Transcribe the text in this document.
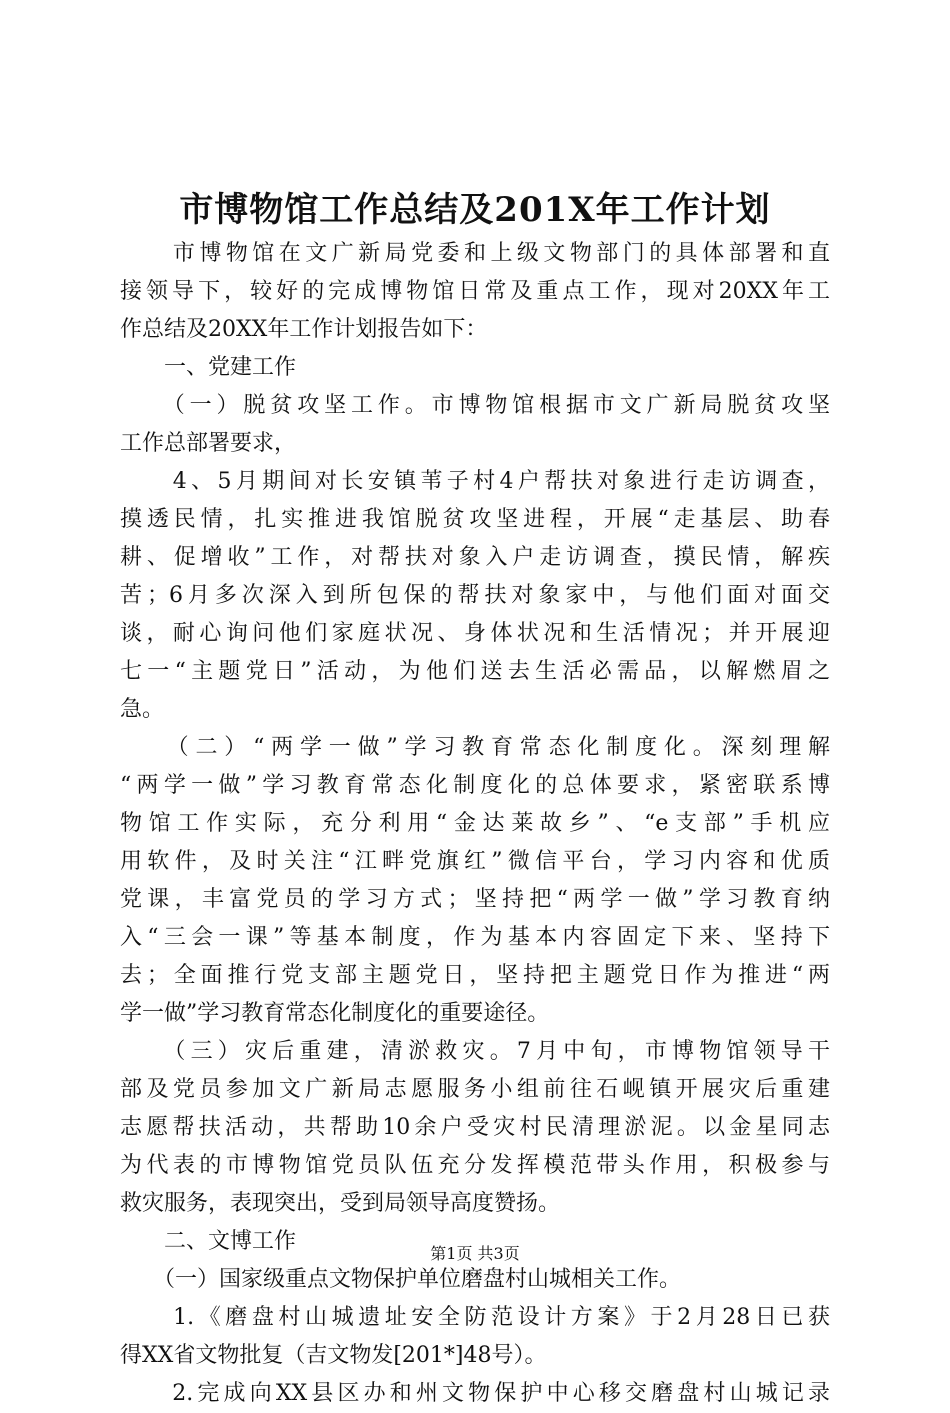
市博物馆工作总结及201X年工作计划
　　市博物馆在文广新局党委和上级文物部门的具体部署和直
接领导下，较好的完成博物馆日常及重点工作，现对20XX年工
作总结及20XX年工作计划报告如下：
　　一、党建工作
　　（一）脱贫攻坚工作。市博物馆根据市文广新局脱贫攻坚
工作总部署要求，
　　4、5月期间对长安镇苇子村4户帮扶对象进行走访调查，
摸透民情，扎实推进我馆脱贫攻坚进程，开展“走基层、助春
耕、促增收”工作，对帮扶对象入户走访调查，摸民情，解疾
苦；6月多次深入到所包保的帮扶对象家中，与他们面对面交
谈，耐心询问他们家庭状况、身体状况和生活情况；并开展迎
七一“主题党日”活动，为他们送去生活必需品，以解燃眉之
急。
　　（二）“两学一做”学习教育常态化制度化。深刻理解
“两学一做”学习教育常态化制度化的总体要求，紧密联系博
物馆工作实际，充分利用“金达莱故乡”、“e支部”手机应
用软件，及时关注“江畔党旗红”微信平台，学习内容和优质
党课，丰富党员的学习方式；坚持把“两学一做”学习教育纳
入“三会一课”等基本制度，作为基本内容固定下来、坚持下
去；全面推行党支部主题党日，坚持把主题党日作为推进“两
学一做”学习教育常态化制度化的重要途径。
　　（三）灾后重建，清淤救灾。7月中旬，市博物馆领导干
部及党员参加文广新局志愿服务小组前往石岘镇开展灾后重建
志愿帮扶活动，共帮助10余户受灾村民清理淤泥。以金星同志
为代表的市博物馆党员队伍充分发挥模范带头作用，积极参与
救灾服务，表现突出，受到局领导高度赞扬。
　　二、文博工作
　　（一）国家级重点文物保护单位磨盘村山城相关工作。
　　1.《磨盘村山城遗址安全防范设计方案》于2月28日已获
得XX省文物批复（吉文物发[201*]48号）。
　　2.完成向XX县区办和州文物保护中心移交磨盘村山城记录
第1页 共3页
